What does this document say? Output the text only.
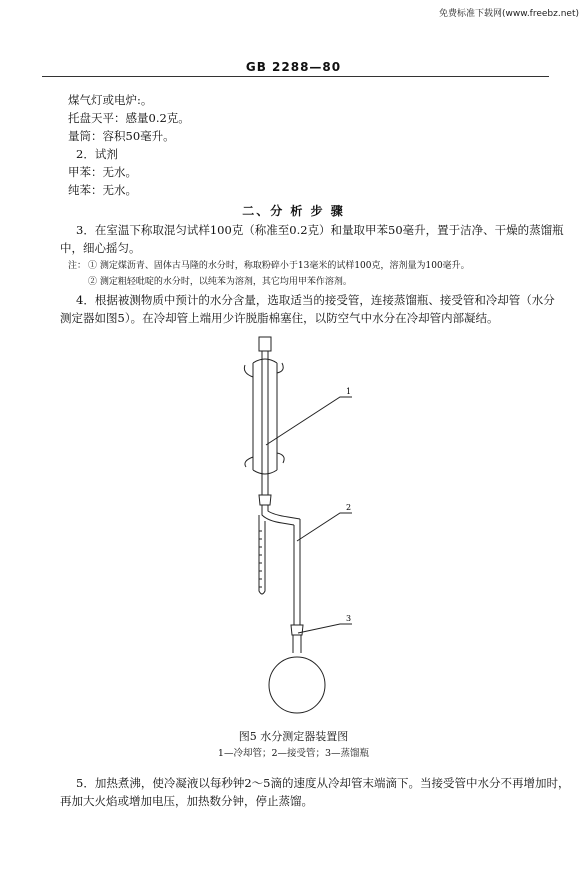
免费标准下载网(www.freebz.net)
GB 2288—80
煤气灯或电炉:。
托盘天平：感量0.2克。
量筒：容积50毫升。
2．试剂
甲苯：无水。
纯苯：无水。
二、分 析 步 骤
3．在室温下称取混匀试样100克（称准至0.2克）和量取甲苯50毫升，置于洁净、干燥的蒸馏瓶
中，细心摇匀。
注： ① 测定煤沥青、固体古马隆的水分时，称取粉碎小于13毫米的试样100克，溶剂量为100毫升。
② 测定粗轻吡啶的水分时，以纯苯为溶剂，其它均用甲苯作溶剂。
4．根据被测物质中预计的水分含量，选取适当的接受管，连接蒸馏瓶、接受管和冷却管（水分
测定器如图5）。在冷却管上端用少许脱脂棉塞住，以防空气中水分在冷却管内部凝结。
1
2
3
图5 水分测定器装置图
1—冷却管；2—接受管；3—蒸馏瓶
5．加热煮沸，使冷凝液以每秒钟2～5滴的速度从冷却管末端滴下。当接受管中水分不再增加时，
再加大火焰或增加电压，加热数分钟，停止蒸馏。
